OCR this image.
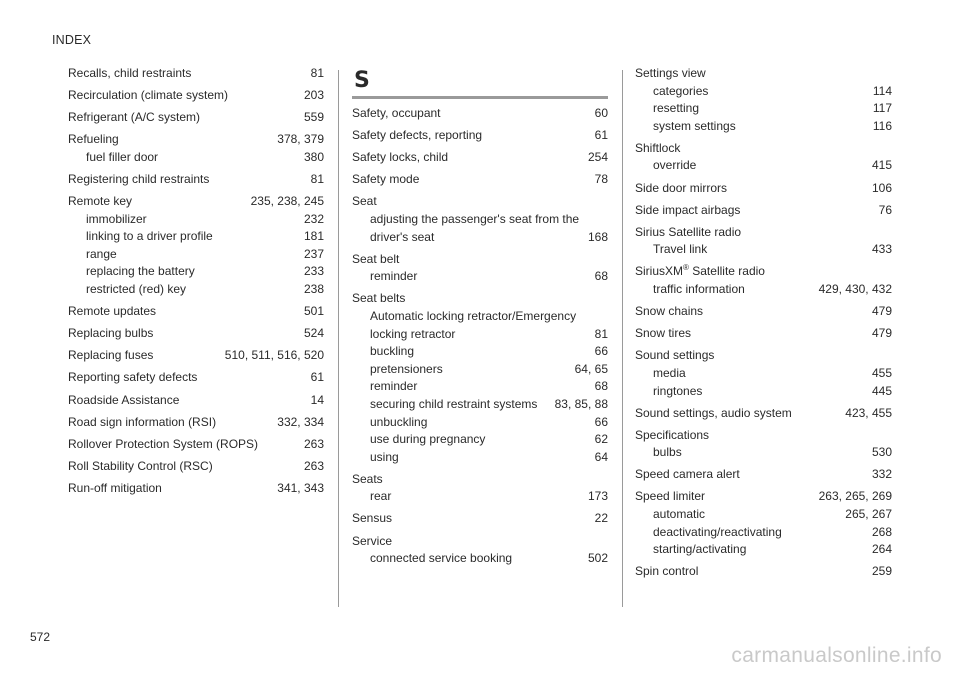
INDEX
Recalls, child restraints	81
Recirculation (climate system)	203
Refrigerant (A/C system)	559
Refueling	378, 379
fuel filler door	380
Registering child restraints	81
Remote key	235, 238, 245
immobilizer	232
linking to a driver profile	181
range	237
replacing the battery	233
restricted (red) key	238
Remote updates	501
Replacing bulbs	524
Replacing fuses	510, 511, 516, 520
Reporting safety defects	61
Roadside Assistance	14
Road sign information (RSI)	332, 334
Rollover Protection System (ROPS)	263
Roll Stability Control (RSC)	263
Run-off mitigation	341, 343
S
Safety, occupant	60
Safety defects, reporting	61
Safety locks, child	254
Safety mode	78
Seat
adjusting the passenger's seat from the
driver's seat	168
Seat belt
reminder	68
Seat belts
Automatic locking retractor/Emergency
locking retractor	81
buckling	66
pretensioners	64, 65
reminder	68
securing child restraint systems	83, 85, 88
unbuckling	66
use during pregnancy	62
using	64
Seats
rear	173
Sensus	22
Service
connected service booking	502
Settings view
categories	114
resetting	117
system settings	116
Shiftlock
override	415
Side door mirrors	106
Side impact airbags	76
Sirius Satellite radio
Travel link	433
SiriusXM® Satellite radio
traffic information	429, 430, 432
Snow chains	479
Snow tires	479
Sound settings
media	455
ringtones	445
Sound settings, audio system	423, 455
Specifications
bulbs	530
Speed camera alert	332
Speed limiter	263, 265, 269
automatic	265, 267
deactivating/reactivating	268
starting/activating	264
Spin control	259
572
carmanualsonline.info
